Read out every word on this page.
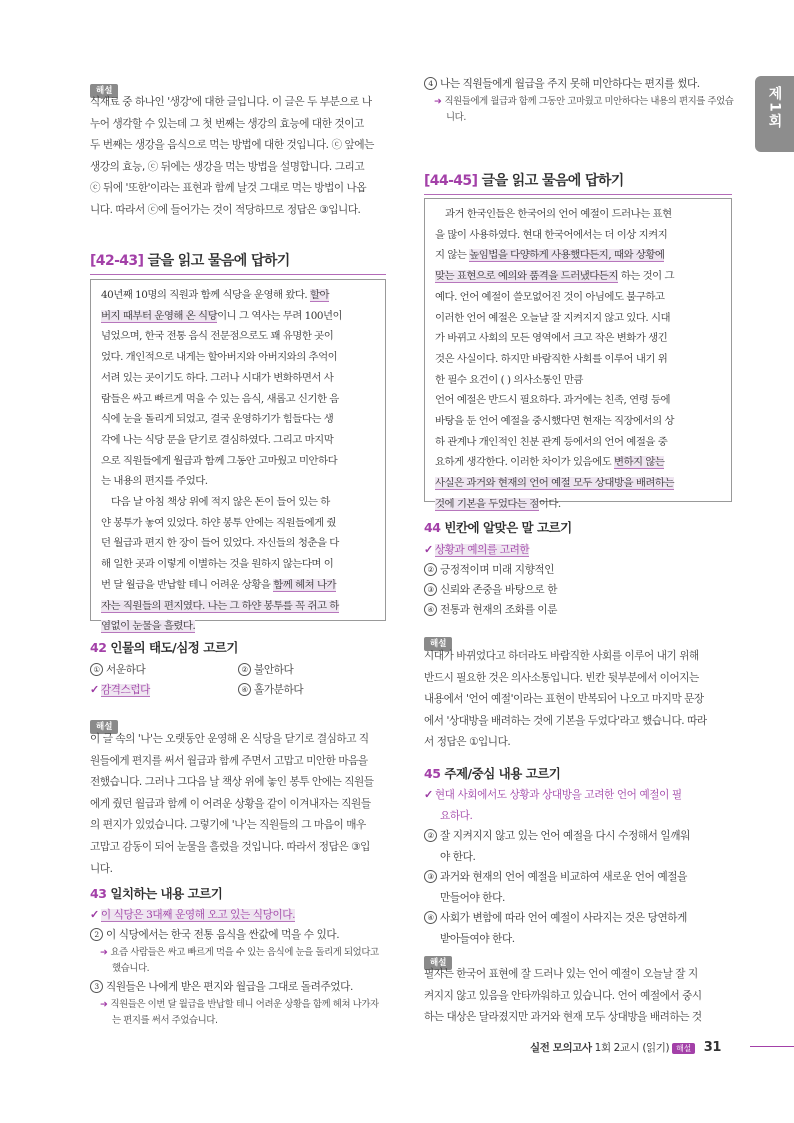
제1회
해설
식재료 중 하나인 '생강'에 대한 글입니다. 이 글은 두 부분으로 나
누어 생각할 수 있는데 그 첫 번째는 생강의 효능에 대한 것이고
두 번째는 생강을 음식으로 먹는 방법에 대한 것입니다. ⓒ 앞에는
생강의 효능, ⓒ 뒤에는 생강을 먹는 방법을 설명합니다. 그리고
ⓒ 뒤에 '또한'이라는 표현과 함께 날것 그대로 먹는 방법이 나옵
니다. 따라서 ⓒ에 들어가는 것이 적당하므로 정답은 ③입니다.
[42-43] 글을 읽고 물음에 답하기
40년째 10명의 직원과 함께 식당을 운영해 왔다. 할아
버지 때부터 운영해 온 식당이니 그 역사는 무려 100년이
넘었으며, 한국 전통 음식 전문점으로도 꽤 유명한 곳이
었다. 개인적으로 내게는 할아버지와 아버지와의 추억이
서려 있는 곳이기도 하다. 그러나 시대가 변화하면서 사
람들은 싸고 빠르게 먹을 수 있는 음식, 새롭고 신기한 음
식에 눈을 돌리게 되었고, 결국 운영하기가 힘들다는 생
각에 나는 식당 문을 닫기로 결심하였다. 그리고 마지막
으로 직원들에게 월급과 함께 그동안 고마웠고 미안하다
는 내용의 편지를 주었다.
다음 날 아침 책상 위에 적지 않은 돈이 들어 있는 하
얀 봉투가 놓여 있었다. 하얀 봉투 안에는 직원들에게 줬
던 월급과 편지 한 장이 들어 있었다. 자신들의 청춘을 다
해 일한 곳과 이렇게 이별하는 것을 원하지 않는다며 이
번 달 월급을 반납할 테니 어려운 상황을 함께 헤쳐 나가
자는 직원들의 편지였다. 나는 그 하얀 봉투를 꼭 쥐고 하
염없이 눈물을 흘렸다.
42 인물의 태도/심정 고르기
① 서운하다	② 불안하다
✓ 감격스럽다	④ 홀가분하다
해설
이 글 속의 '나'는 오랫동안 운영해 온 식당을 닫기로 결심하고 직
원들에게 편지를 써서 월급과 함께 주면서 고맙고 미안한 마음을
전했습니다. 그러나 그다음 날 책상 위에 놓인 봉투 안에는 직원들
에게 줬던 월급과 함께 이 어려운 상황을 같이 이겨내자는 직원들
의 편지가 있었습니다. 그렇기에 '나'는 직원들의 그 마음이 매우
고맙고 감동이 되어 눈물을 흘렸을 것입니다. 따라서 정답은 ③입
니다.
43 일치하는 내용 고르기
✓ 이 식당은 3대째 운영해 오고 있는 식당이다.
2 이 식당에서는 한국 전통 음식을 싼값에 먹을 수 있다.
➜ 요즘 사람들은 싸고 빠르게 먹을 수 있는 음식에 눈을 돌리게 되었다고 했습니다.
3 직원들은 나에게 받은 편지와 월급을 그대로 돌려주었다.
➜ 직원들은 이번 달 월급을 반납할 테니 어려운 상황을 함께 헤쳐 나가자는 편지를 써서 주었습니다.
4 나는 직원들에게 월급을 주지 못해 미안하다는 편지를 썼다.
➜ 직원들에게 월급과 함께 그동안 고마웠고 미안하다는 내용의 편지를 주었습니다.
[44-45] 글을 읽고 물음에 답하기
과거 한국인들은 한국어의 언어 예절이 드러나는 표현
을 많이 사용하였다. 현대 한국어에서는 더 이상 지켜지
지 않는 높임법을 다양하게 사용했다든지, 때와 상황에
맞는 표현으로 예의와 품격을 드러냈다든지 하는 것이 그
예다. 언어 예절이 쓸모없어진 것이 아님에도 불구하고
이러한 언어 예절은 오늘날 잘 지켜지지 않고 있다. 시대
가 바뀌고 사회의 모든 영역에서 크고 작은 변화가 생긴
것은 사실이다. 하지만 바람직한 사회를 이루어 내기 위
한 필수 요건이 ( ) 의사소통인 만큼
언어 예절은 반드시 필요하다. 과거에는 친족, 연령 등에
바탕을 둔 언어 예절을 중시했다면 현재는 직장에서의 상
하 관계나 개인적인 친분 관계 등에서의 언어 예절을 중
요하게 생각한다. 이러한 차이가 있음에도 변하지 않는
사실은 과거와 현재의 언어 예절 모두 상대방을 배려하는
것에 기본을 두었다는 점이다.
44 빈칸에 알맞은 말 고르기
✓ 상황과 예의를 고려한
② 긍정적이며 미래 지향적인
③ 신뢰와 존중을 바탕으로 한
④ 전통과 현재의 조화를 이룬
해설
시대가 바뀌었다고 하더라도 바람직한 사회를 이루어 내기 위해
반드시 필요한 것은 의사소통입니다. 빈칸 뒷부분에서 이어지는
내용에서 '언어 예절'이라는 표현이 반복되어 나오고 마지막 문장
에서 '상대방을 배려하는 것에 기본을 두었다'라고 했습니다. 따라
서 정답은 ①입니다.
45 주제/중심 내용 고르기
✓ 현대 사회에서도 상황과 상대방을 고려한 언어 예절이 필
요하다.
② 잘 지켜지지 않고 있는 언어 예절을 다시 수정해서 일깨워
야 한다.
③ 과거와 현재의 언어 예절을 비교하여 새로운 언어 예절을
만들어야 한다.
④ 사회가 변함에 따라 언어 예절이 사라지는 것은 당연하게
받아들여야 한다.
해설
필자는 한국어 표현에 잘 드러나 있는 언어 예절이 오늘날 잘 지
켜지지 않고 있음을 안타까워하고 있습니다. 언어 예절에서 중시
하는 대상은 달라졌지만 과거와 현재 모두 상대방을 배려하는 것
실전 모의고사 1회 2교시 (읽기) 해설 31
